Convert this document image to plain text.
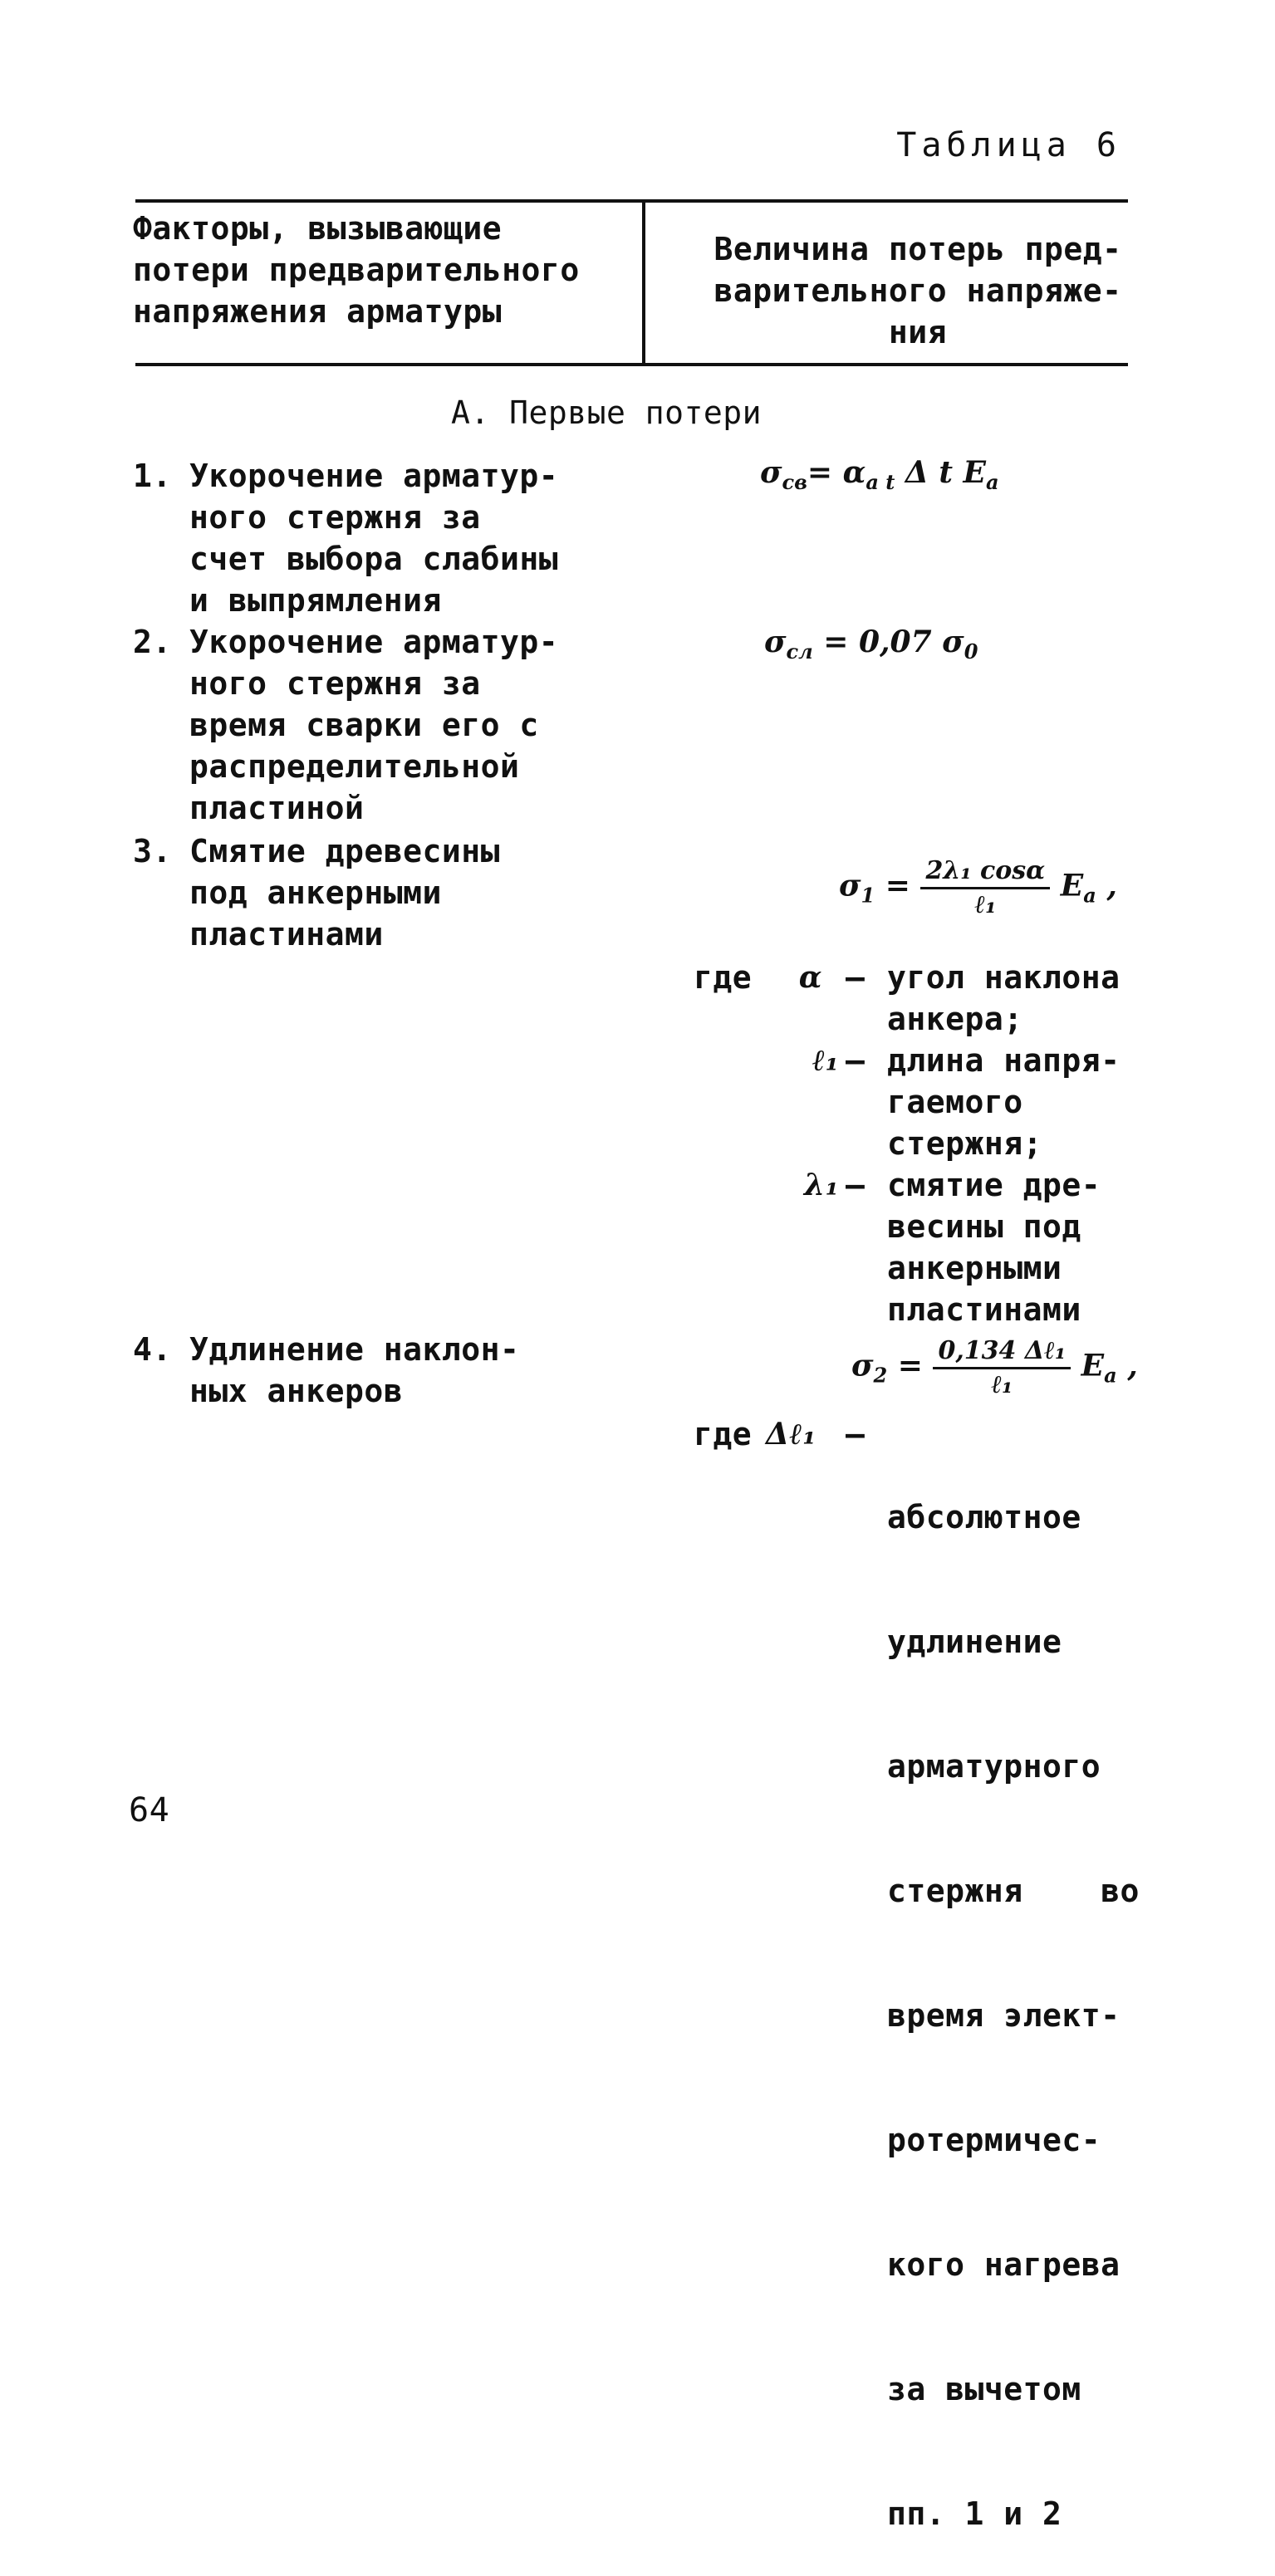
Таблица 6
Факторы, вызывающие
потери предварительного
напряжения арматуры
Величина потерь пред-
варительного напряже-
ния
А. Первые потери
1. Укорочение арматур-
ного стержня за
счет выбора слабины
и выпрямления
$\sigma_{св}= \alpha_{a t}$ Δ t $E_a$
2. Укорочение арматур-
ного стержня за
время сварки его с
распределительной
пластиной
$\sigma_{сл} = 0,07$ $\sigma_0$
3. Смятие древесины
под анкерными
пластинами
$\sigma_1 = \frac{\text{2λ₁ cosα}}{\text{ℓ₁}} E_a$ ,
где	α – угол наклона
анкера;
ℓ₁ – длина напря-
гаемого
стержня;
λ₁ – смятие дре-
весины под
анкерными
пластинами
4. Удлинение наклон-
ных анкеров
$\sigma_2 = \frac{\text{0,134 Δℓ₁}}{\text{ℓ₁}} E_a$ ,
где Δℓ₁ –

абсолютное

удлинение

арматурного

стержня    во

время элект-

ротермичес-

кого нагрева

за вычетом

пп. 1 и 2

64
